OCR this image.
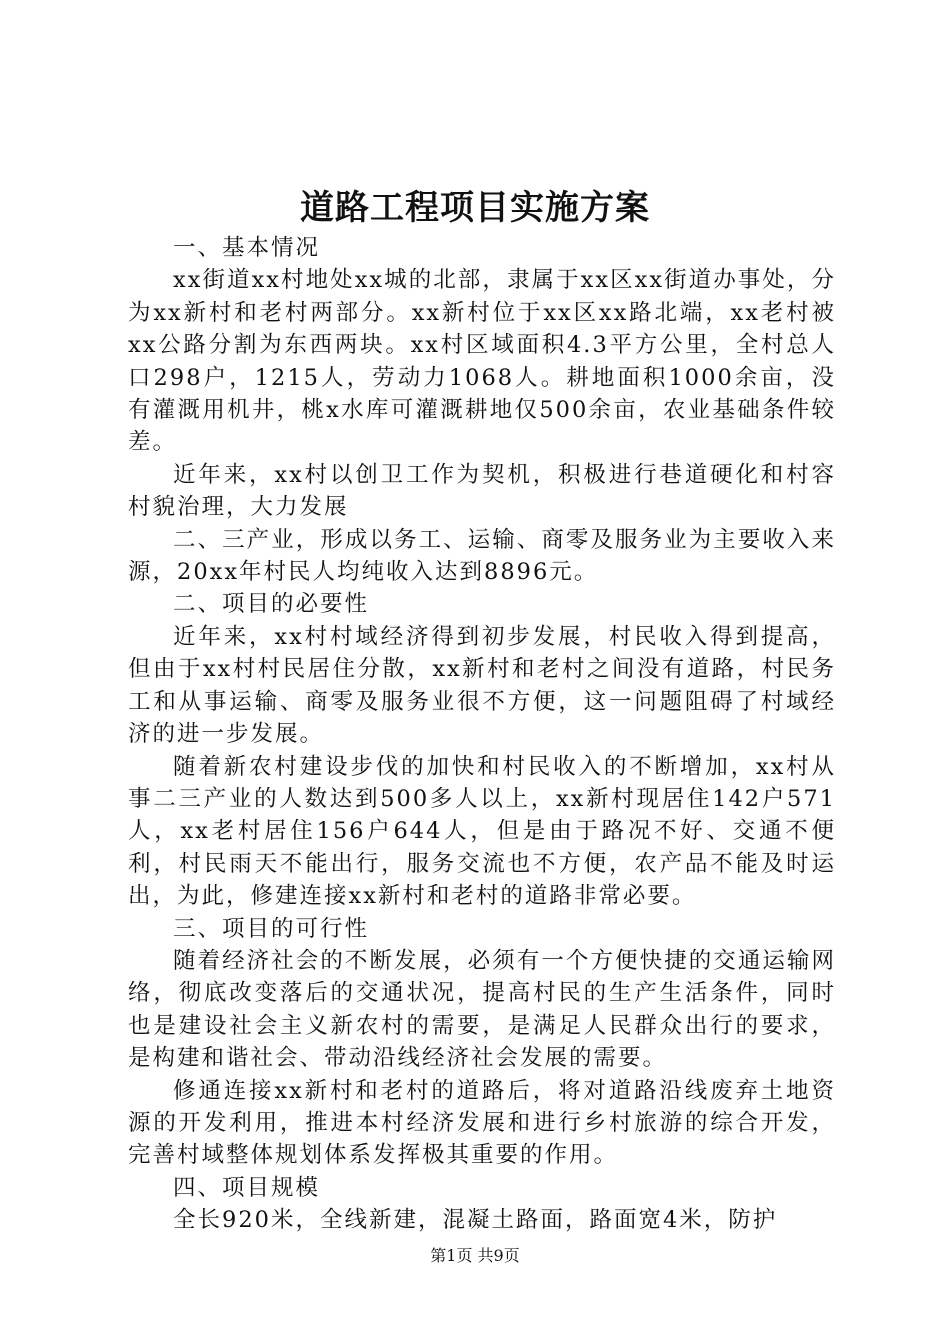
道路工程项目实施方案

一、基本情况

xx街道xx村地处xx城的北部，隶属于xx区xx街道办事处，分为xx新村和老村两部分。xx新村位于xx区xx路北端，xx老村被xx公路分割为东西两块。xx村区域面积4.3平方公里，全村总人口298户，1215人，劳动力1068人。耕地面积1000余亩，没有灌溉用机井，桃x水库可灌溉耕地仅500余亩，农业基础条件较差。

近年来，xx村以创卫工作为契机，积极进行巷道硬化和村容村貌治理，大力发展

二、三产业，形成以务工、运输、商零及服务业为主要收入来源，20xx年村民人均纯收入达到8896元。

二、项目的必要性

近年来，xx村村域经济得到初步发展，村民收入得到提高，但由于xx村村民居住分散，xx新村和老村之间没有道路，村民务工和从事运输、商零及服务业很不方便，这一问题阻碍了村域经济的进一步发展。

随着新农村建设步伐的加快和村民收入的不断增加，xx村从事二三产业的人数达到500多人以上，xx新村现居住142户571人，xx老村居住156户644人，但是由于路况不好、交通不便利，村民雨天不能出行，服务交流也不方便，农产品不能及时运出，为此，修建连接xx新村和老村的道路非常必要。

三、项目的可行性

随着经济社会的不断发展，必须有一个方便快捷的交通运输网络，彻底改变落后的交通状况，提高村民的生产生活条件，同时也是建设社会主义新农村的需要，是满足人民群众出行的要求，是构建和谐社会、带动沿线经济社会发展的需要。

修通连接xx新村和老村的道路后，将对道路沿线废弃土地资源的开发利用，推进本村经济发展和进行乡村旅游的综合开发，完善村域整体规划体系发挥极其重要的作用。

四、项目规模

全长920米，全线新建，混凝土路面，路面宽4米，防护

第1页 共9页
